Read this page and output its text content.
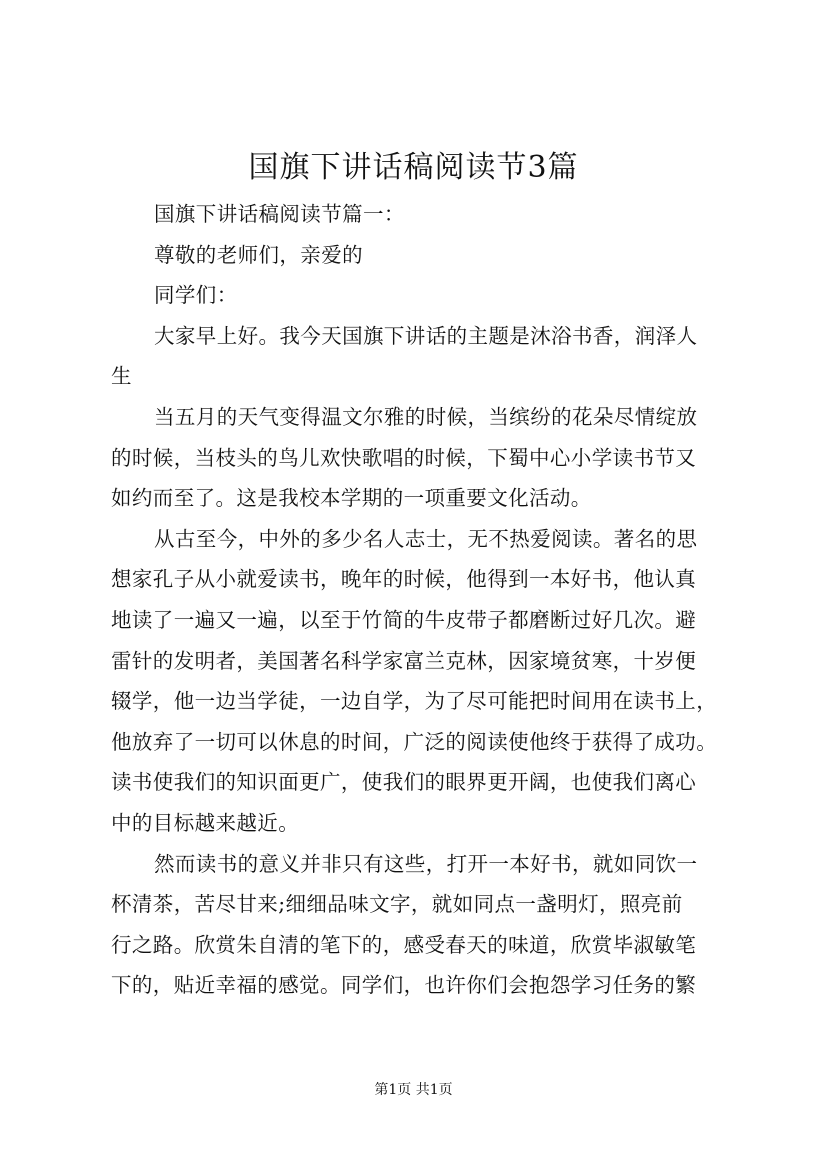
国旗下讲话稿阅读节3篇
国旗下讲话稿阅读节篇一：
尊敬的老师们，亲爱的
同学们：
大家早上好。我今天国旗下讲话的主题是沐浴书香，润泽人
生
当五月的天气变得温文尔雅的时候，当缤纷的花朵尽情绽放
的时候，当枝头的鸟儿欢快歌唱的时候，下蜀中心小学读书节又
如约而至了。这是我校本学期的一项重要文化活动。
从古至今，中外的多少名人志士，无不热爱阅读。著名的思
想家孔子从小就爱读书，晚年的时候，他得到一本好书，他认真
地读了一遍又一遍，以至于竹简的牛皮带子都磨断过好几次。避
雷针的发明者，美国著名科学家富兰克林，因家境贫寒，十岁便
辍学，他一边当学徒，一边自学，为了尽可能把时间用在读书上，
他放弃了一切可以休息的时间，广泛的阅读使他终于获得了成功。
读书使我们的知识面更广，使我们的眼界更开阔，也使我们离心
中的目标越来越近。
然而读书的意义并非只有这些，打开一本好书，就如同饮一
杯清茶，苦尽甘来;细细品味文字，就如同点一盏明灯，照亮前
行之路。欣赏朱自清的笔下的，感受春天的味道，欣赏毕淑敏笔
下的，贴近幸福的感觉。同学们，也许你们会抱怨学习任务的繁
第1页 共1页
